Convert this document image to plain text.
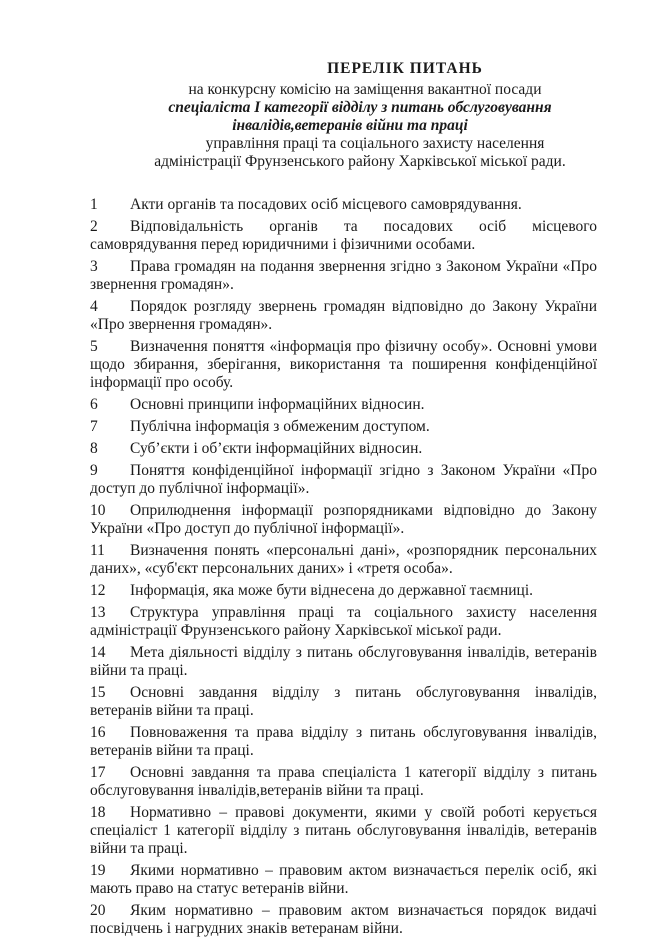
ПЕРЕЛІК ПИТАНЬ
на конкурсну комісію на заміщення вакантної посади
спеціаліста I категорії відділу з питань обслуговування
інвалідів,ветеранів війни та праці
управління праці та соціального захисту населення
адміністрації Фрунзенського району Харківської міської ради.
1	Акти органів та посадових осіб місцевого самоврядування.
2	Відповідальність органів та посадових осіб місцевого самоврядування перед юридичними і фізичними особами.
3	Права громадян на подання звернення згідно з Законом України «Про звернення громадян».
4	Порядок розгляду звернень громадян відповідно до Закону України «Про звернення громадян».
5	Визначення поняття «інформація про фізичну особу». Основні умови щодо збирання, зберігання, використання та поширення конфіденційної інформації про особу.
6	Основні принципи інформаційних відносин.
7	Публічна інформація з обмеженим доступом.
8	Суб’єкти і об’єкти інформаційних відносин.
9	Поняття конфіденційної інформації згідно з Законом України «Про доступ до публічної інформації».
10	Оприлюднення інформації розпорядниками відповідно до Закону України «Про доступ до публічної інформації».
11	Визначення понять «персональні дані», «розпорядник персональних даних», «суб'єкт персональних даних» і «третя особа».
12	Інформація, яка може бути віднесена до державної таємниці.
13	Структура управління праці та соціального захисту населення адміністрації Фрунзенського району Харківської міської ради.
14	Мета діяльності відділу з питань обслуговування інвалідів, ветеранів війни та праці.
15	Основні завдання відділу з питань обслуговування інвалідів, ветеранів війни та праці.
16	Повноваження та права відділу з питань обслуговування інвалідів, ветеранів війни та праці.
17	Основні завдання та права спеціаліста 1 категорії відділу з питань обслуговування інвалідів,ветеранів війни та праці.
18	Нормативно – правові документи, якими у своїй роботі керується спеціаліст 1 категорії відділу з питань обслуговування інвалідів, ветеранів війни та праці.
19	Якими нормативно – правовим актом визначається перелік осіб, які мають право на статус ветеранів війни.
20	Яким нормативно – правовим актом визначається порядок видачі посвідчень і нагрудних знаків ветеранам війни.
